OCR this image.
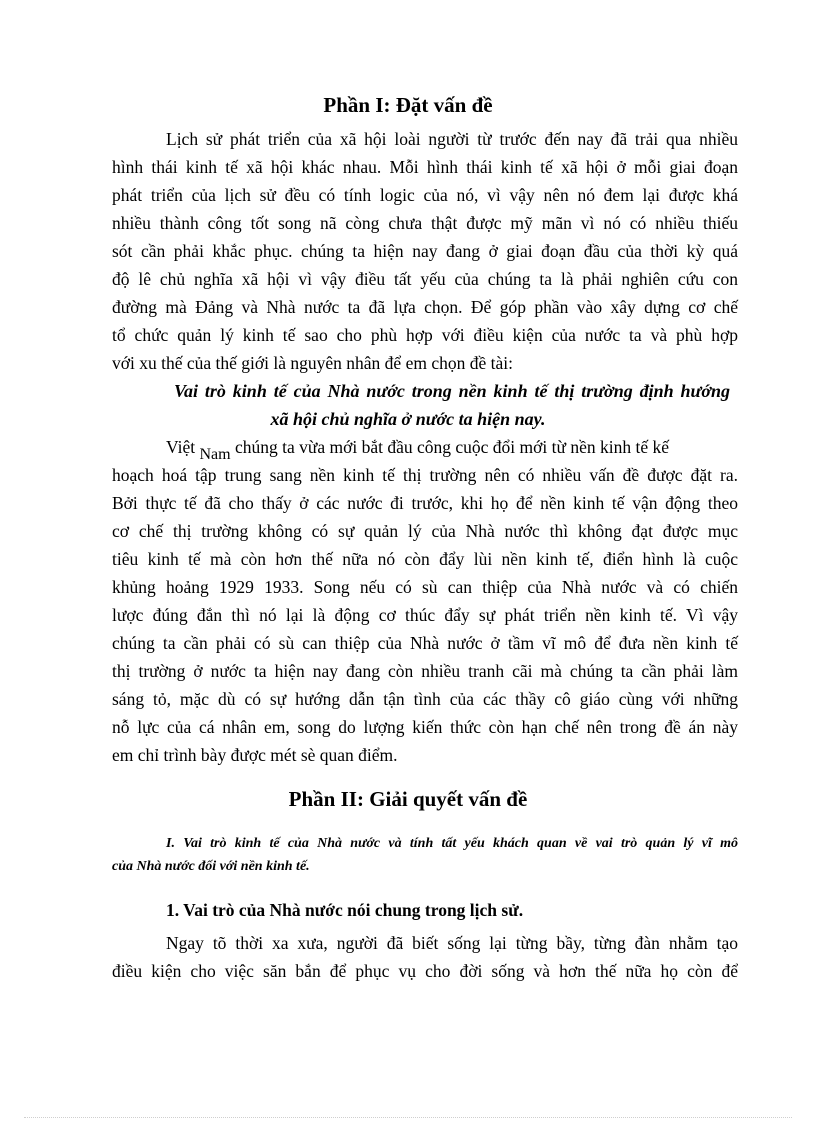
Phần I: Đặt vấn đề
Lịch sử phát triển của xã hội loài người từ trước đến nay đã trải qua nhiều
hình thái kinh tế xã hội khác nhau. Mỗi hình thái kinh tế xã hội ở mỗi giai đoạn
phát triển của lịch sử đều có tính logic của nó, vì vậy nên nó đem lại được khá
nhiều thành công tốt song nã còng chưa thật được mỹ mãn vì nó có nhiều thiếu
sót cần phải khắc phục. chúng ta hiện nay đang ở giai đoạn đầu của thời kỳ quá
độ lê chủ nghĩa xã hội vì vậy điều tất yếu của chúng ta là phải nghiên cứu con
đường mà Đảng và Nhà nước ta đã lựa chọn. Để góp phần vào xây dựng cơ chế
tổ chức quản lý kinh tế sao cho phù hợp với điều kiện của nước ta và phù hợp
với xu thế của thế giới là nguyên nhân để em chọn đề tài:
Vai trò kinh tế của Nhà nước trong nền kinh tế thị trường định hướng
xã hội chủ nghĩa ở nước ta hiện nay.
Việt Nam chúng ta vừa mới bắt đầu công cuộc đổi mới từ nền kinh tế kế
hoạch hoá tập trung sang nền kinh tế thị trường nên có nhiều vấn đề được đặt ra.
Bởi thực tế đã cho thấy ở các nước đi trước, khi họ để nền kinh tế vận động theo
cơ chế thị trường không có sự quản lý của Nhà nước thì không đạt được mục
tiêu kinh tế mà còn hơn thế nữa nó còn đẩy lùi nền kinh tế, điển hình là cuộc
khủng hoảng 1929 1933. Song nếu có sù can thiệp của Nhà nước và có chiến
lược đúng đắn thì nó lại là động cơ thúc đẩy sự phát triển nền kinh tế. Vì vậy
chúng ta cần phải có sù can thiệp của Nhà nước ở tầm vĩ mô để đưa nền kinh tế
thị trường ở nước ta hiện nay đang còn nhiều tranh cãi mà chúng ta cần phải làm
sáng tỏ, mặc dù có sự hướng dẫn tận tình của các thầy cô giáo cùng với những
nỗ lực của cá nhân em, song do lượng kiến thức còn hạn chế nên trong đề án này
em chỉ trình bày được mét sè quan điểm.
Phần II: Giải quyết vấn đề
I. Vai trò kinh tế của Nhà nước và tính tất yếu khách quan về vai trò quản lý vĩ mô
của Nhà nước đối với nền kinh tế.
1. Vai trò của Nhà nước nói chung trong lịch sử.
Ngay tõ thời xa xưa, người đã biết sống lại từng bầy, từng đàn nhằm tạo
điều kiện cho việc săn bắn để phục vụ cho đời sống và hơn thế nữa họ còn để
